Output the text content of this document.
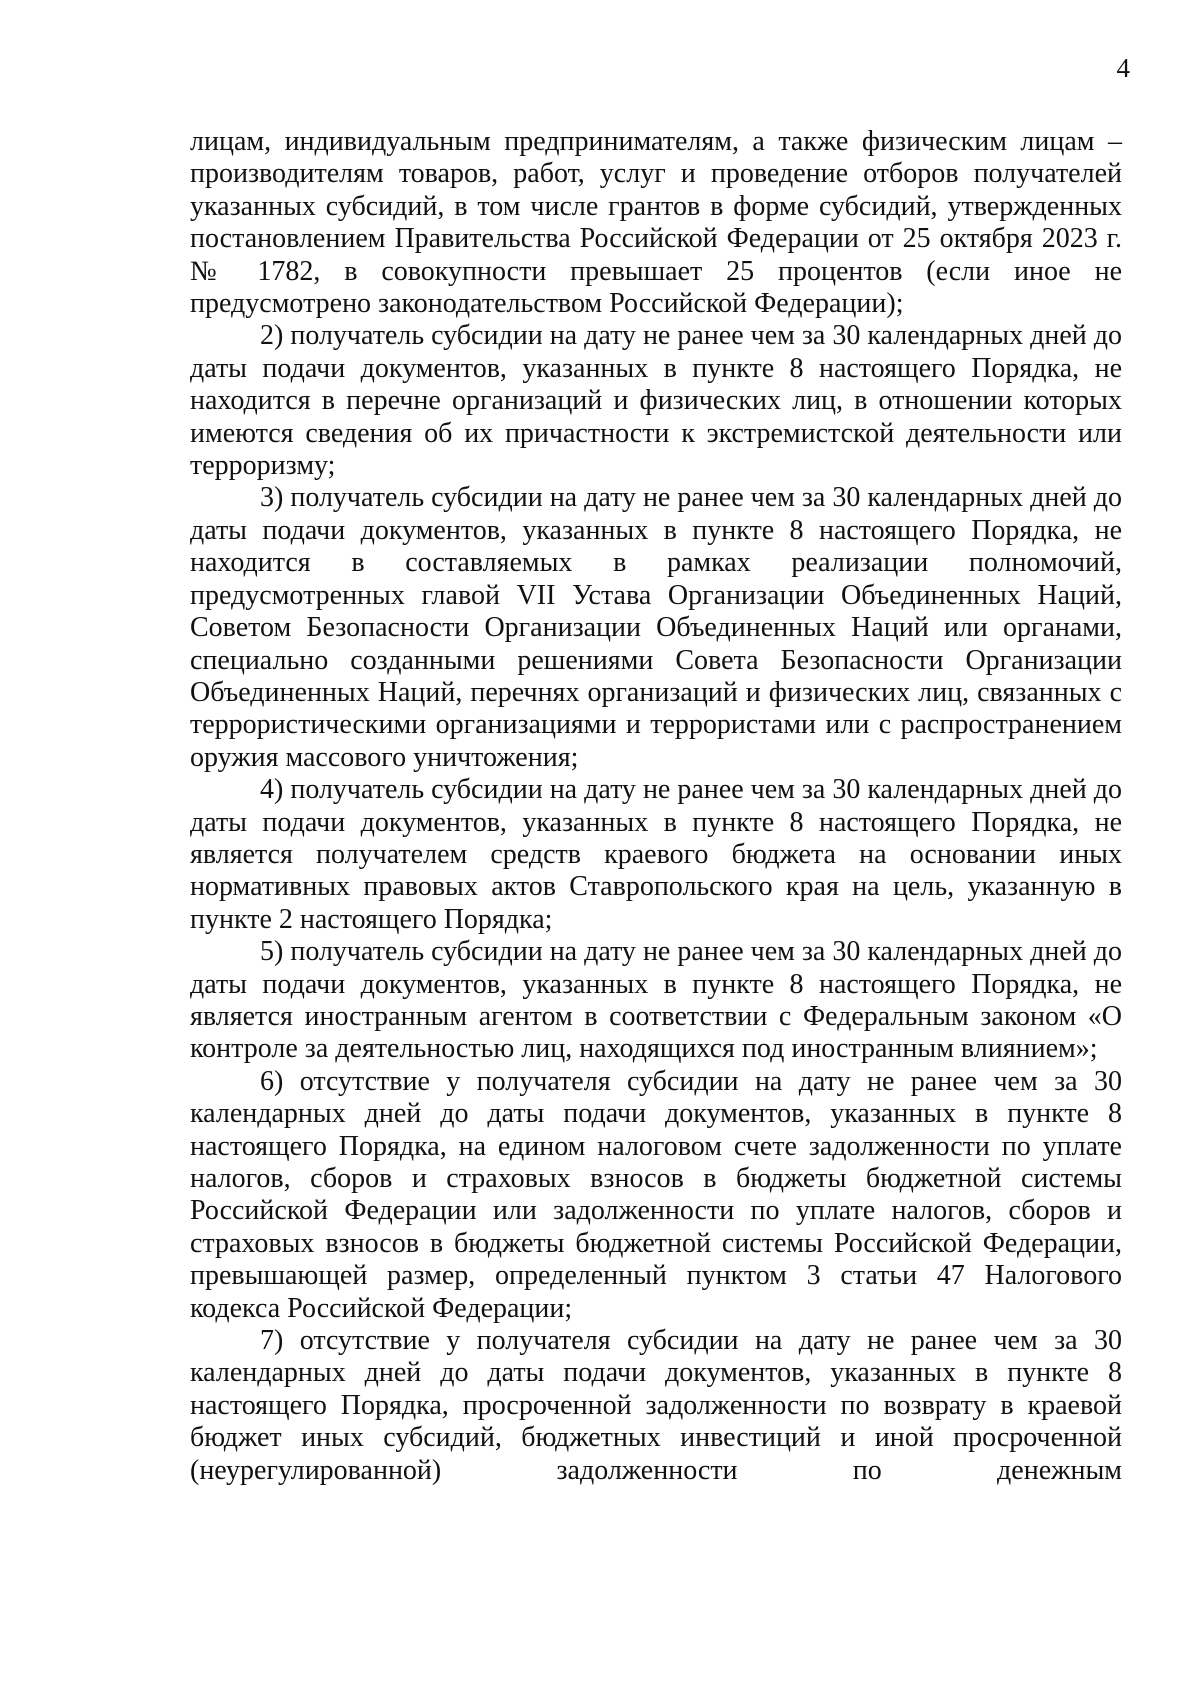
4

лицам, индивидуальным предпринимателям, а также физическим лицам – производителям товаров, работ, услуг и проведение отборов получателей указанных субсидий, в том числе грантов в форме субсидий, утвержденных постановлением Правительства Российской Федерации от 25 октября 2023 г. № 1782, в совокупности превышает 25 процентов (если иное не предусмотрено законодательством Российской Федерации);

2) получатель субсидии на дату не ранее чем за 30 календарных дней до даты подачи документов, указанных в пункте 8 настоящего Порядка, не находится в перечне организаций и физических лиц, в отношении которых имеются сведения об их причастности к экстремистской деятельности или терроризму;

3) получатель субсидии на дату не ранее чем за 30 календарных дней до даты подачи документов, указанных в пункте 8 настоящего Порядка, не находится в составляемых в рамках реализации полномочий, предусмотренных главой VII Устава Организации Объединенных Наций, Советом Безопасности Организации Объединенных Наций или органами, специально созданными решениями Совета Безопасности Организации Объединенных Наций, перечнях организаций и физических лиц, связанных с террористическими организациями и террористами или с распространением оружия массового уничтожения;

4) получатель субсидии на дату не ранее чем за 30 календарных дней до даты подачи документов, указанных в пункте 8 настоящего Порядка, не является получателем средств краевого бюджета на основании иных нормативных правовых актов Ставропольского края на цель, указанную в пункте 2 настоящего Порядка;

5) получатель субсидии на дату не ранее чем за 30 календарных дней до даты подачи документов, указанных в пункте 8 настоящего Порядка, не является иностранным агентом в соответствии с Федеральным законом «О контроле за деятельностью лиц, находящихся под иностранным влиянием»;

6) отсутствие у получателя субсидии на дату не ранее чем за 30 календарных дней до даты подачи документов, указанных в пункте 8 настоящего Порядка, на едином налоговом счете задолженности по уплате налогов, сборов и страховых взносов в бюджеты бюджетной системы Российской Федерации или задолженности по уплате налогов, сборов и страховых взносов в бюджеты бюджетной системы Российской Федерации, превышающей размер, определенный пунктом 3 статьи 47 Налогового кодекса Российской Федерации;

7) отсутствие у получателя субсидии на дату не ранее чем за 30 календарных дней до даты подачи документов, указанных в пункте 8 настоящего Порядка, просроченной задолженности по возврату в краевой бюджет иных субсидий, бюджетных инвестиций и иной просроченной (неурегулированной) задолженности по денежным
